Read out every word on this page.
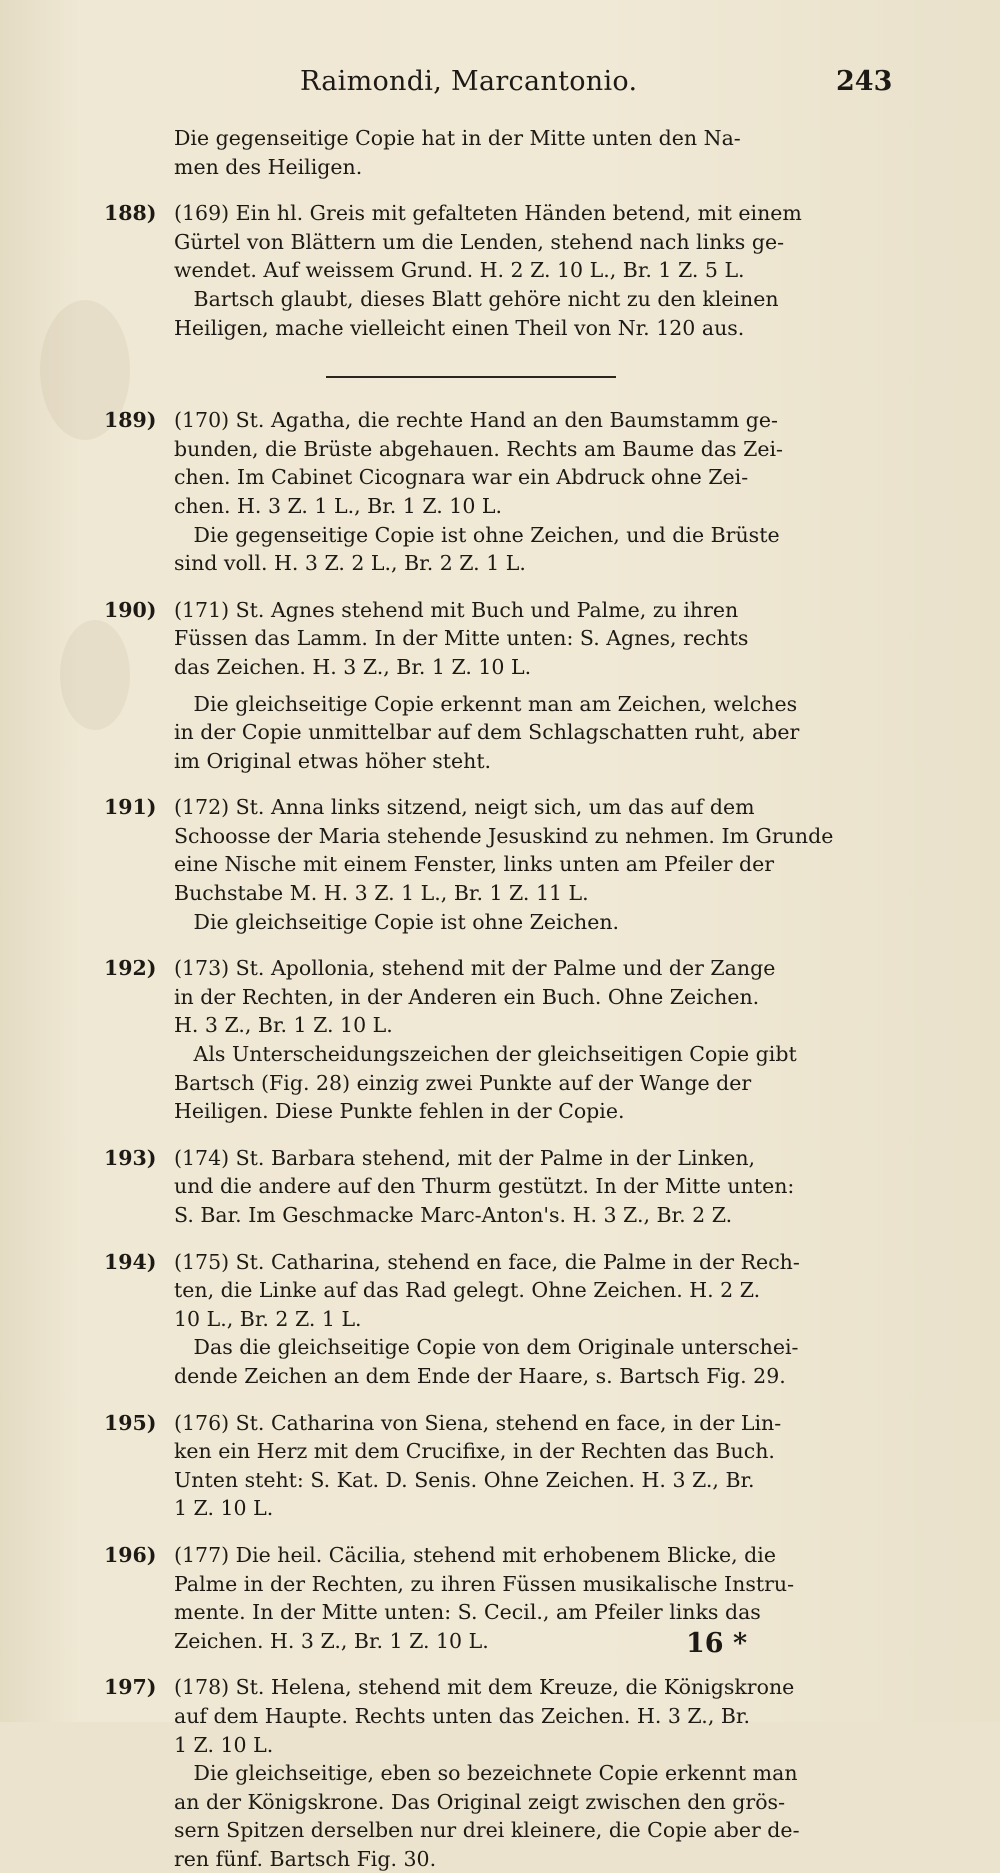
Raimondi, Marcantonio.	243

Die gegenseitige Copie hat in der Mitte unten den Na-

men des Heiligen.

188) (169) Ein hl. Greis mit gefalteten Händen betend, mit einem

Gürtel von Blättern um die Lenden, stehend nach links ge-

wendet. Auf weissem Grund. H. 2 Z. 10 L., Br. 1 Z. 5 L.

Bartsch glaubt, dieses Blatt gehöre nicht zu den kleinen

Heiligen, mache vielleicht einen Theil von Nr. 120 aus.

189) (170) St. Agatha, die rechte Hand an den Baumstamm ge-

bunden, die Brüste abgehauen. Rechts am Baume das Zei-

chen. Im Cabinet Cicognara war ein Abdruck ohne Zei-

chen. H. 3 Z. 1 L., Br. 1 Z. 10 L.

Die gegenseitige Copie ist ohne Zeichen, und die Brüste

sind voll. H. 3 Z. 2 L., Br. 2 Z. 1 L.

190) (171) St. Agnes stehend mit Buch und Palme, zu ihren

Füssen das Lamm. In der Mitte unten: S. Agnes, rechts

das Zeichen. H. 3 Z., Br. 1 Z. 10 L.

Die gleichseitige Copie erkennt man am Zeichen, welches

in der Copie unmittelbar auf dem Schlagschatten ruht, aber

im Original etwas höher steht.

191) (172) St. Anna links sitzend, neigt sich, um das auf dem

Schoosse der Maria stehende Jesuskind zu nehmen. Im Grunde

eine Nische mit einem Fenster, links unten am Pfeiler der

Buchstabe M. H. 3 Z. 1 L., Br. 1 Z. 11 L.

Die gleichseitige Copie ist ohne Zeichen.

192) (173) St. Apollonia, stehend mit der Palme und der Zange

in der Rechten, in der Anderen ein Buch. Ohne Zeichen.

H. 3 Z., Br. 1 Z. 10 L.

Als Unterscheidungszeichen der gleichseitigen Copie gibt

Bartsch (Fig. 28) einzig zwei Punkte auf der Wange der

Heiligen. Diese Punkte fehlen in der Copie.

193) (174) St. Barbara stehend, mit der Palme in der Linken,

und die andere auf den Thurm gestützt. In der Mitte unten:

S. Bar. Im Geschmacke Marc-Anton's. H. 3 Z., Br. 2 Z.

194) (175) St. Catharina, stehend en face, die Palme in der Rech-

ten, die Linke auf das Rad gelegt. Ohne Zeichen. H. 2 Z.

10 L., Br. 2 Z. 1 L.

Das die gleichseitige Copie von dem Originale unterschei-

dende Zeichen an dem Ende der Haare, s. Bartsch Fig. 29.

195) (176) St. Catharina von Siena, stehend en face, in der Lin-

ken ein Herz mit dem Crucifixe, in der Rechten das Buch.

Unten steht: S. Kat. D. Senis. Ohne Zeichen. H. 3 Z., Br.

1 Z. 10 L.

196) (177) Die heil. Cäcilia, stehend mit erhobenem Blicke, die

Palme in der Rechten, zu ihren Füssen musikalische Instru-

mente. In der Mitte unten: S. Cecil., am Pfeiler links das

Zeichen. H. 3 Z., Br. 1 Z. 10 L.

197) (178) St. Helena, stehend mit dem Kreuze, die Königskrone

auf dem Haupte. Rechts unten das Zeichen. H. 3 Z., Br.

1 Z. 10 L.

Die gleichseitige, eben so bezeichnete Copie erkennt man

an der Königskrone. Das Original zeigt zwischen den grös-

sern Spitzen derselben nur drei kleinere, die Copie aber de-

ren fünf. Bartsch Fig. 30.

16 *
